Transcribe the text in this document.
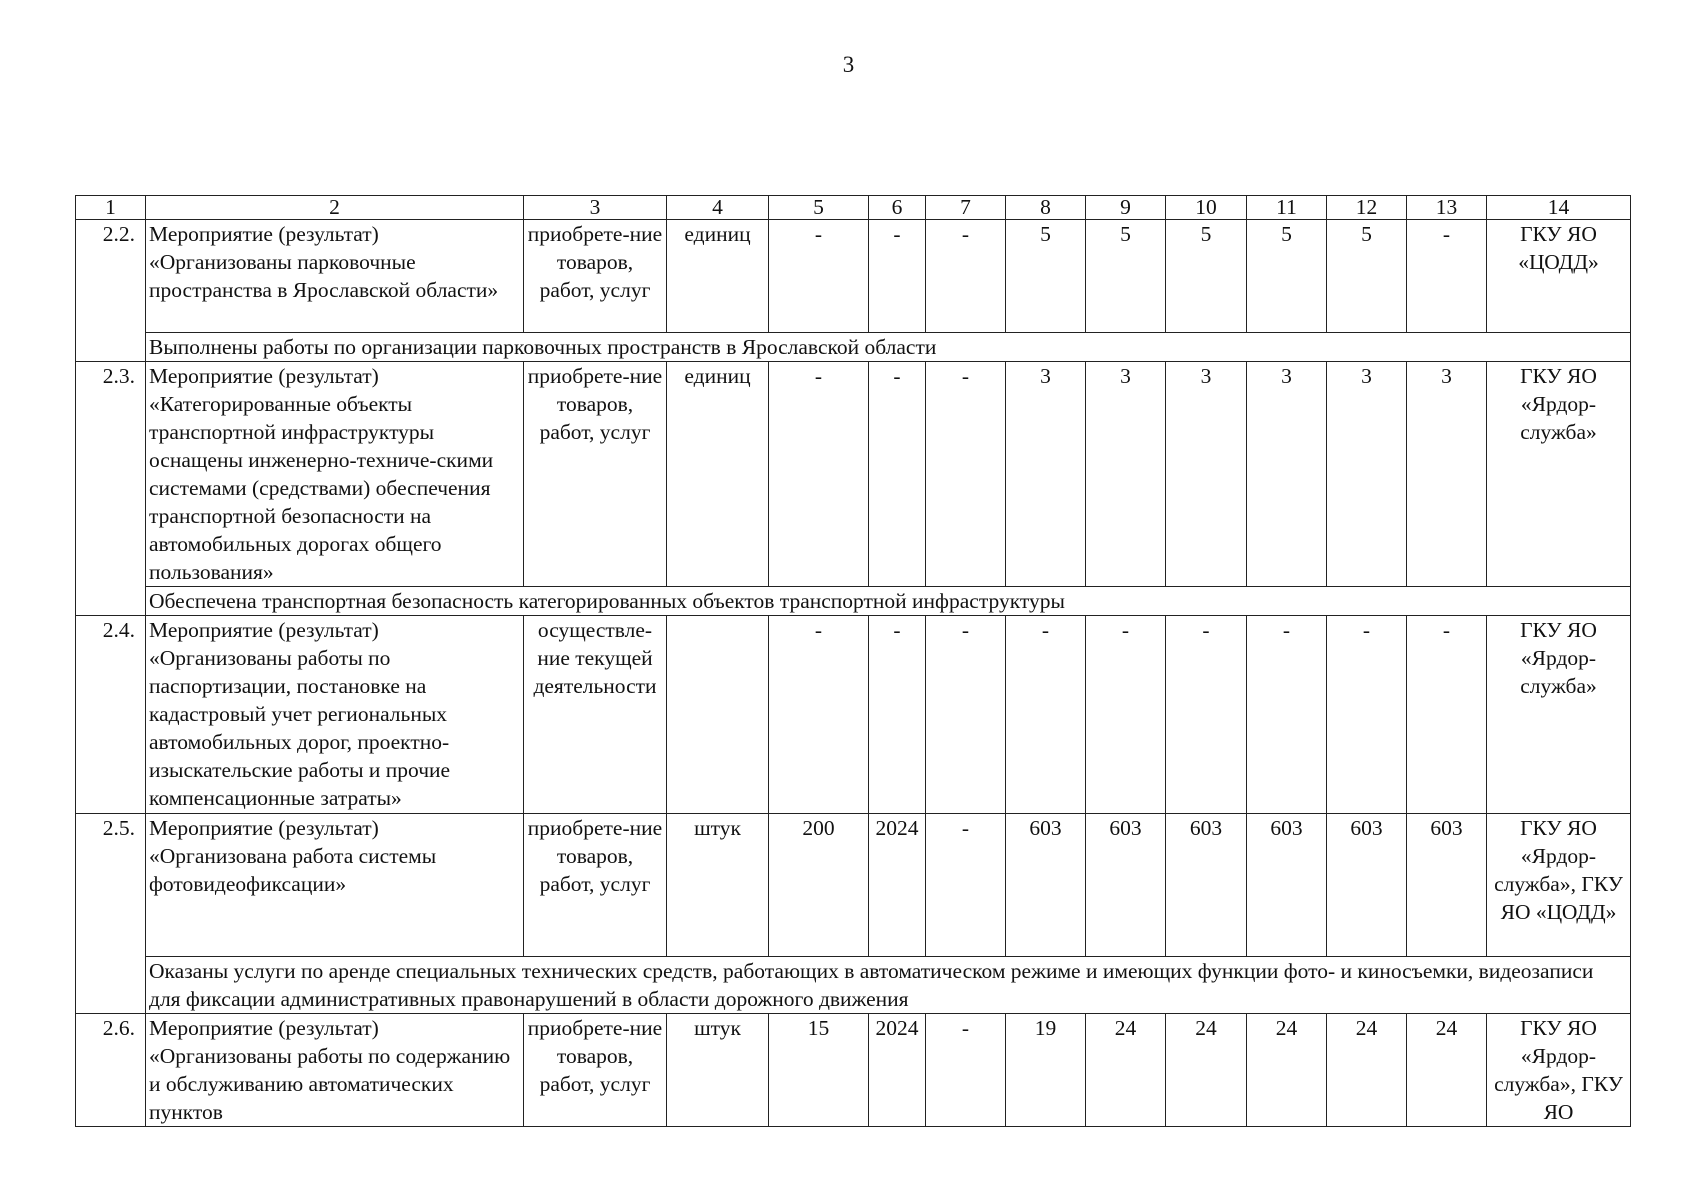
3
1	2	3	4	5	6	7	8	9	10	11	12	13	14
2.2.	Мероприятие (результат) «Организованы парковочные пространства в Ярославской области»	приобрете-ние товаров, работ, услуг	единиц	-	-	-	5	5	5	5	5	-	ГКУ ЯО «ЦОДД»
	Выполнены работы по организации парковочных пространств в Ярославской области												
2.3.	Мероприятие (результат) «Категорированные объекты транспортной инфраструктуры оснащены инженерно-техниче-скими системами (средствами) обеспечения транспортной безопасности на автомобильных дорогах общего пользования»	приобрете-ние товаров, работ, услуг	единиц	-	-	-	3	3	3	3	3	3	ГКУ ЯО «Ярдор-служба»
	Обеспечена транспортная безопасность категорированных объектов транспортной инфраструктуры												
2.4.	Мероприятие (результат) «Организованы работы по паспортизации, постановке на кадастровый учет региональных автомобильных дорог, проектно-изыскательские работы и прочие компенсационные затраты»	осуществле-ние текущей деятельности		-	-	-	-	-	-	-	-	-	ГКУ ЯО «Ярдор-служба»
2.5.	Мероприятие (результат) «Организована работа системы фотовидеофиксации»	приобрете-ние товаров, работ, услуг	штук	200	2024	-	603	603	603	603	603	603	ГКУ ЯО «Ярдор-служба», ГКУ ЯО «ЦОДД»
	Оказаны услуги по аренде специальных технических средств, работающих в автоматическом режиме и имеющих функции фото- и киносъемки, видеозаписи для фиксации административных правонарушений в области дорожного движения												
2.6.	Мероприятие (результат) «Организованы работы по содержанию и обслуживанию автоматических пунктов	приобрете-ние товаров, работ, услуг	штук	15	2024	-	19	24	24	24	24	24	ГКУ ЯО «Ярдор-служба», ГКУ ЯО
